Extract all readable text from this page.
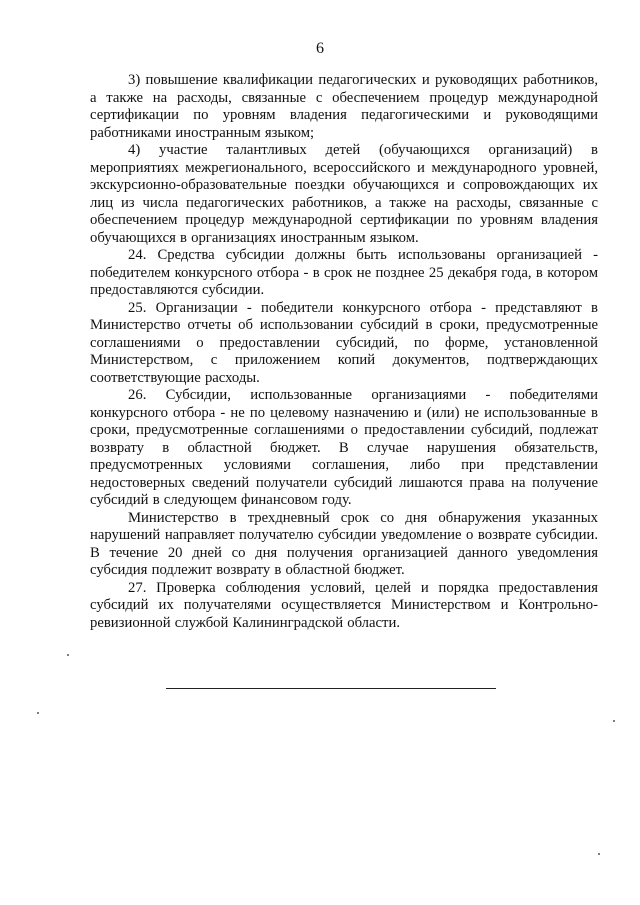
6

3) повышение квалификации педагогических и руководящих работников, а также на расходы, связанные с обеспечением процедур международной сертификации по уровням владения педагогическими и руководящими работниками иностранным языком;

4) участие талантливых детей (обучающихся организаций) в мероприятиях межрегионального, всероссийского и международного уровней, экскурсионно-образовательные поездки обучающихся и сопровождающих их лиц из числа педагогических работников, а также на расходы, связанные с обеспечением процедур международной сертификации по уровням владения обучающихся в организациях иностранным языком.

24. Средства субсидии должны быть использованы организацией - победителем конкурсного отбора - в срок не позднее 25 декабря года, в котором предоставляются субсидии.

25. Организации - победители конкурсного отбора - представляют в Министерство отчеты об использовании субсидий в сроки, предусмотренные соглашениями о предоставлении субсидий, по форме, установленной Министерством, с приложением копий документов, подтверждающих соответствующие расходы.

26. Субсидии, использованные организациями - победителями конкурсного отбора - не по целевому назначению и (или) не использованные в сроки, предусмотренные соглашениями о предоставлении субсидий, подлежат возврату в областной бюджет. В случае нарушения обязательств, предусмотренных условиями соглашения, либо при представлении недостоверных сведений получатели субсидий лишаются права на получение субсидий в следующем финансовом году.

Министерство в трехдневный срок со дня обнаружения указанных нарушений направляет получателю субсидии уведомление о возврате субсидии. В течение 20 дней со дня получения организацией данного уведомления субсидия подлежит возврату в областной бюджет.

27. Проверка соблюдения условий, целей и порядка предоставления субсидий их получателями осуществляется Министерством и Контрольно-ревизионной службой Калининградской области.
